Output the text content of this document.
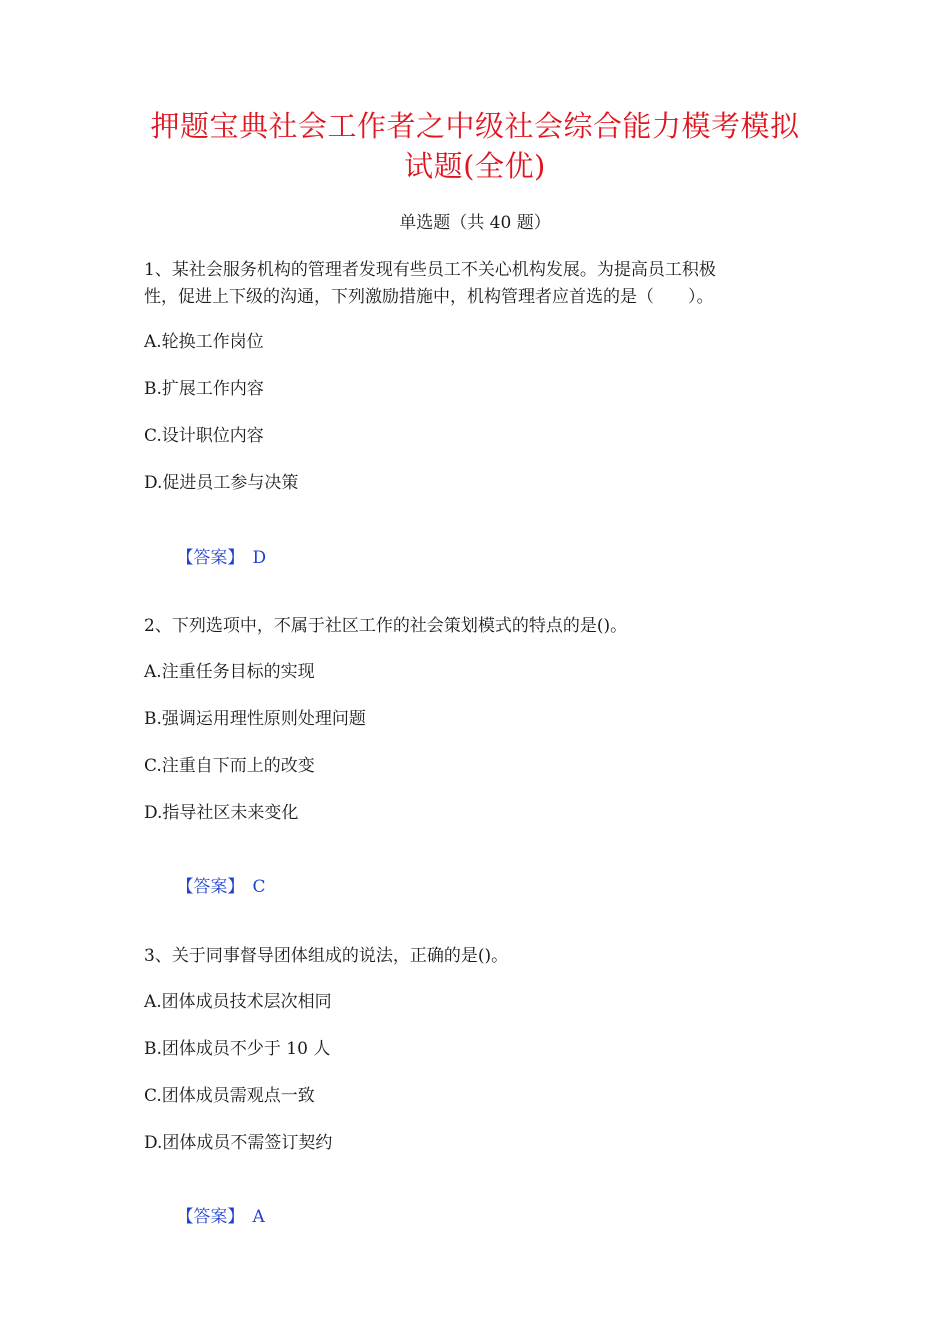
押题宝典社会工作者之中级社会综合能力模考模拟
试题(全优)
单选题（共 40 题）

1、某社会服务机构的管理者发现有些员工不关心机构发展。为提高员工积极

性，促进上下级的沟通，下列激励措施中，机构管理者应首选的是（　　）。

A.轮换工作岗位

B.扩展工作内容

C.设计职位内容

D.促进员工参与决策

【答案】 D

2、下列选项中，不属于社区工作的社会策划模式的特点的是()。

A.注重任务目标的实现

B.强调运用理性原则处理问题

C.注重自下而上的改变

D.指导社区未来变化

【答案】 C

3、关于同事督导团体组成的说法，正确的是()。

A.团体成员技术层次相同

B.团体成员不少于 10 人

C.团体成员需观点一致

D.团体成员不需签订契约

【答案】 A
